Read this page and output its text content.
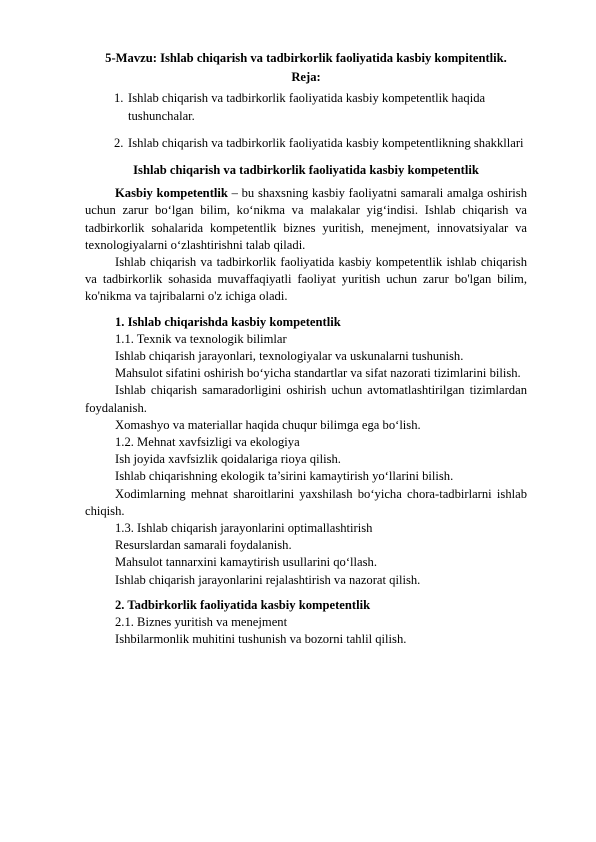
5-Mavzu: Ishlab chiqarish va tadbirkorlik faoliyatida kasbiy kompitentlik.
Reja:
1. Ishlab chiqarish va tadbirkorlik faoliyatida kasbiy kompetentlik haqida tushunchalar.
2. Ishlab chiqarish va tadbirkorlik faoliyatida kasbiy kompetentlikning shakkllari
Ishlab chiqarish va tadbirkorlik faoliyatida kasbiy kompetentlik

Kasbiy kompetentlik – bu shaxsning kasbiy faoliyatni samarali amalga oshirish uchun zarur bo‘lgan bilim, ko‘nikma va malakalar yig‘indisi. Ishlab chiqarish va tadbirkorlik sohalarida kompetentlik biznes yuritish, menejment, innovatsiyalar va texnologiyalarni o‘zlashtirishni talab qiladi.

Ishlab chiqarish va tadbirkorlik faoliyatida kasbiy kompetentlik ishlab chiqarish va tadbirkorlik sohasida muvaffaqiyatli faoliyat yuritish uchun zarur bo'lgan bilim, ko'nikma va tajribalarni o'z ichiga oladi.

1. Ishlab chiqarishda kasbiy kompetentlik

1.1. Texnik va texnologik bilimlar

Ishlab chiqarish jarayonlari, texnologiyalar va uskunalarni tushunish.

Mahsulot sifatini oshirish bo‘yicha standartlar va sifat nazorati tizimlarini bilish.

Ishlab chiqarish samaradorligini oshirish uchun avtomatlashtirilgan tizimlardan foydalanish.

Xomashyo va materiallar haqida chuqur bilimga ega bo‘lish.

1.2. Mehnat xavfsizligi va ekologiya

Ish joyida xavfsizlik qoidalariga rioya qilish.

Ishlab chiqarishning ekologik ta’sirini kamaytirish yo‘llarini bilish.

Xodimlarning mehnat sharoitlarini yaxshilash bo‘yicha chora-tadbirlarni ishlab chiqish.

1.3. Ishlab chiqarish jarayonlarini optimallashtirish

Resurslardan samarali foydalanish.

Mahsulot tannarxini kamaytirish usullarini qo‘llash.

Ishlab chiqarish jarayonlarini rejalashtirish va nazorat qilish.

2. Tadbirkorlik faoliyatida kasbiy kompetentlik

2.1. Biznes yuritish va menejment

Ishbilarmonlik muhitini tushunish va bozorni tahlil qilish.
